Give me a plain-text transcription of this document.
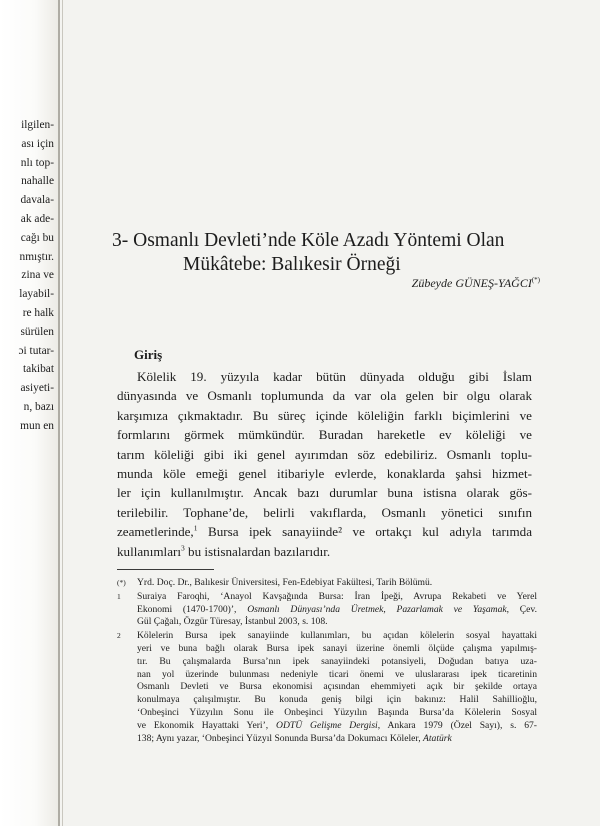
ilgilen-
ası için
nlı top-
nahalle
davala-
ak ade-
cağı bu
nmıştır.
zina ve
layabil-
re halk
sürülen
ɔi tutar-
takibat
asiyeti-
n, bazı
mun en
3- Osmanlı Devleti’nde Köle Azadı Yöntemi Olan
Mükâtebe: Balıkesir Örneği
Zübeyde GÜNEŞ-YAĞCI(*)
Giriş
Kölelik 19. yüzyıla kadar bütün dünyada olduğu gibi İslam
dünyasında ve Osmanlı toplumunda da var ola gelen bir olgu olarak
karşımıza çıkmaktadır. Bu süreç içinde köleliğin farklı biçimlerini ve
formlarını görmek mümkündür. Buradan hareketle ev köleliği ve
tarım köleliği gibi iki genel ayırımdan söz edebiliriz. Osmanlı toplu-
munda köle emeği genel itibariyle evlerde, konaklarda şahsi hizmet-
ler için kullanılmıştır. Ancak bazı durumlar buna istisna olarak gös-
terilebilir. Tophane’de, belirli vakıflarda, Osmanlı yönetici sınıfın
zeametlerinde,$^1$ Bursa ipek sanayiinde² ve ortakçı kul adıyla tarımda
kullanımları$^3$ bu istisnalardan bazılarıdır.
(*) Yrd. Doç. Dr., Balıkesir Üniversitesi, Fen-Edebiyat Fakültesi, Tarih Bölümü.
1 Suraiya Faroqhi, ‘Anayol Kavşağında Bursa: İran İpeği, Avrupa Rekabeti ve Yerel
Ekonomi (1470-1700)’, Osmanlı Dünyası’nda Üretmek, Pazarlamak ve Yaşamak, Çev.
Gül Çağalı, Özgür Türesay, İstanbul 2003, s. 108.
2 Kölelerin Bursa ipek sanayiinde kullanımları, bu açıdan kölelerin sosyal hayattaki
yeri ve buna bağlı olarak Bursa ipek sanayi üzerine önemli ölçüde çalışma yapılmış-
tır. Bu çalışmalarda Bursa’nın ipek sanayiindeki potansiyeli, Doğudan batıya uza-
nan yol üzerinde bulunması nedeniyle ticari önemi ve uluslararası ipek ticaretinin
Osmanlı Devleti ve Bursa ekonomisi açısından ehemmiyeti açık bir şekilde ortaya
konulmaya çalışılmıştır. Bu konuda geniş bilgi için bakınız: Halil Sahillioğlu,
‘Onbeşinci Yüzyılın Sonu ile Onbeşinci Yüzyılın Başında Bursa’da Kölelerin Sosyal
ve Ekonomik Hayattaki Yeri’, ODTÜ Gelişme Dergisi, Ankara 1979 (Özel Sayı), s. 67-
138; Aynı yazar, ‘Onbeşinci Yüzyıl Sonunda Bursa’da Dokumacı Köleler, Atatürk
